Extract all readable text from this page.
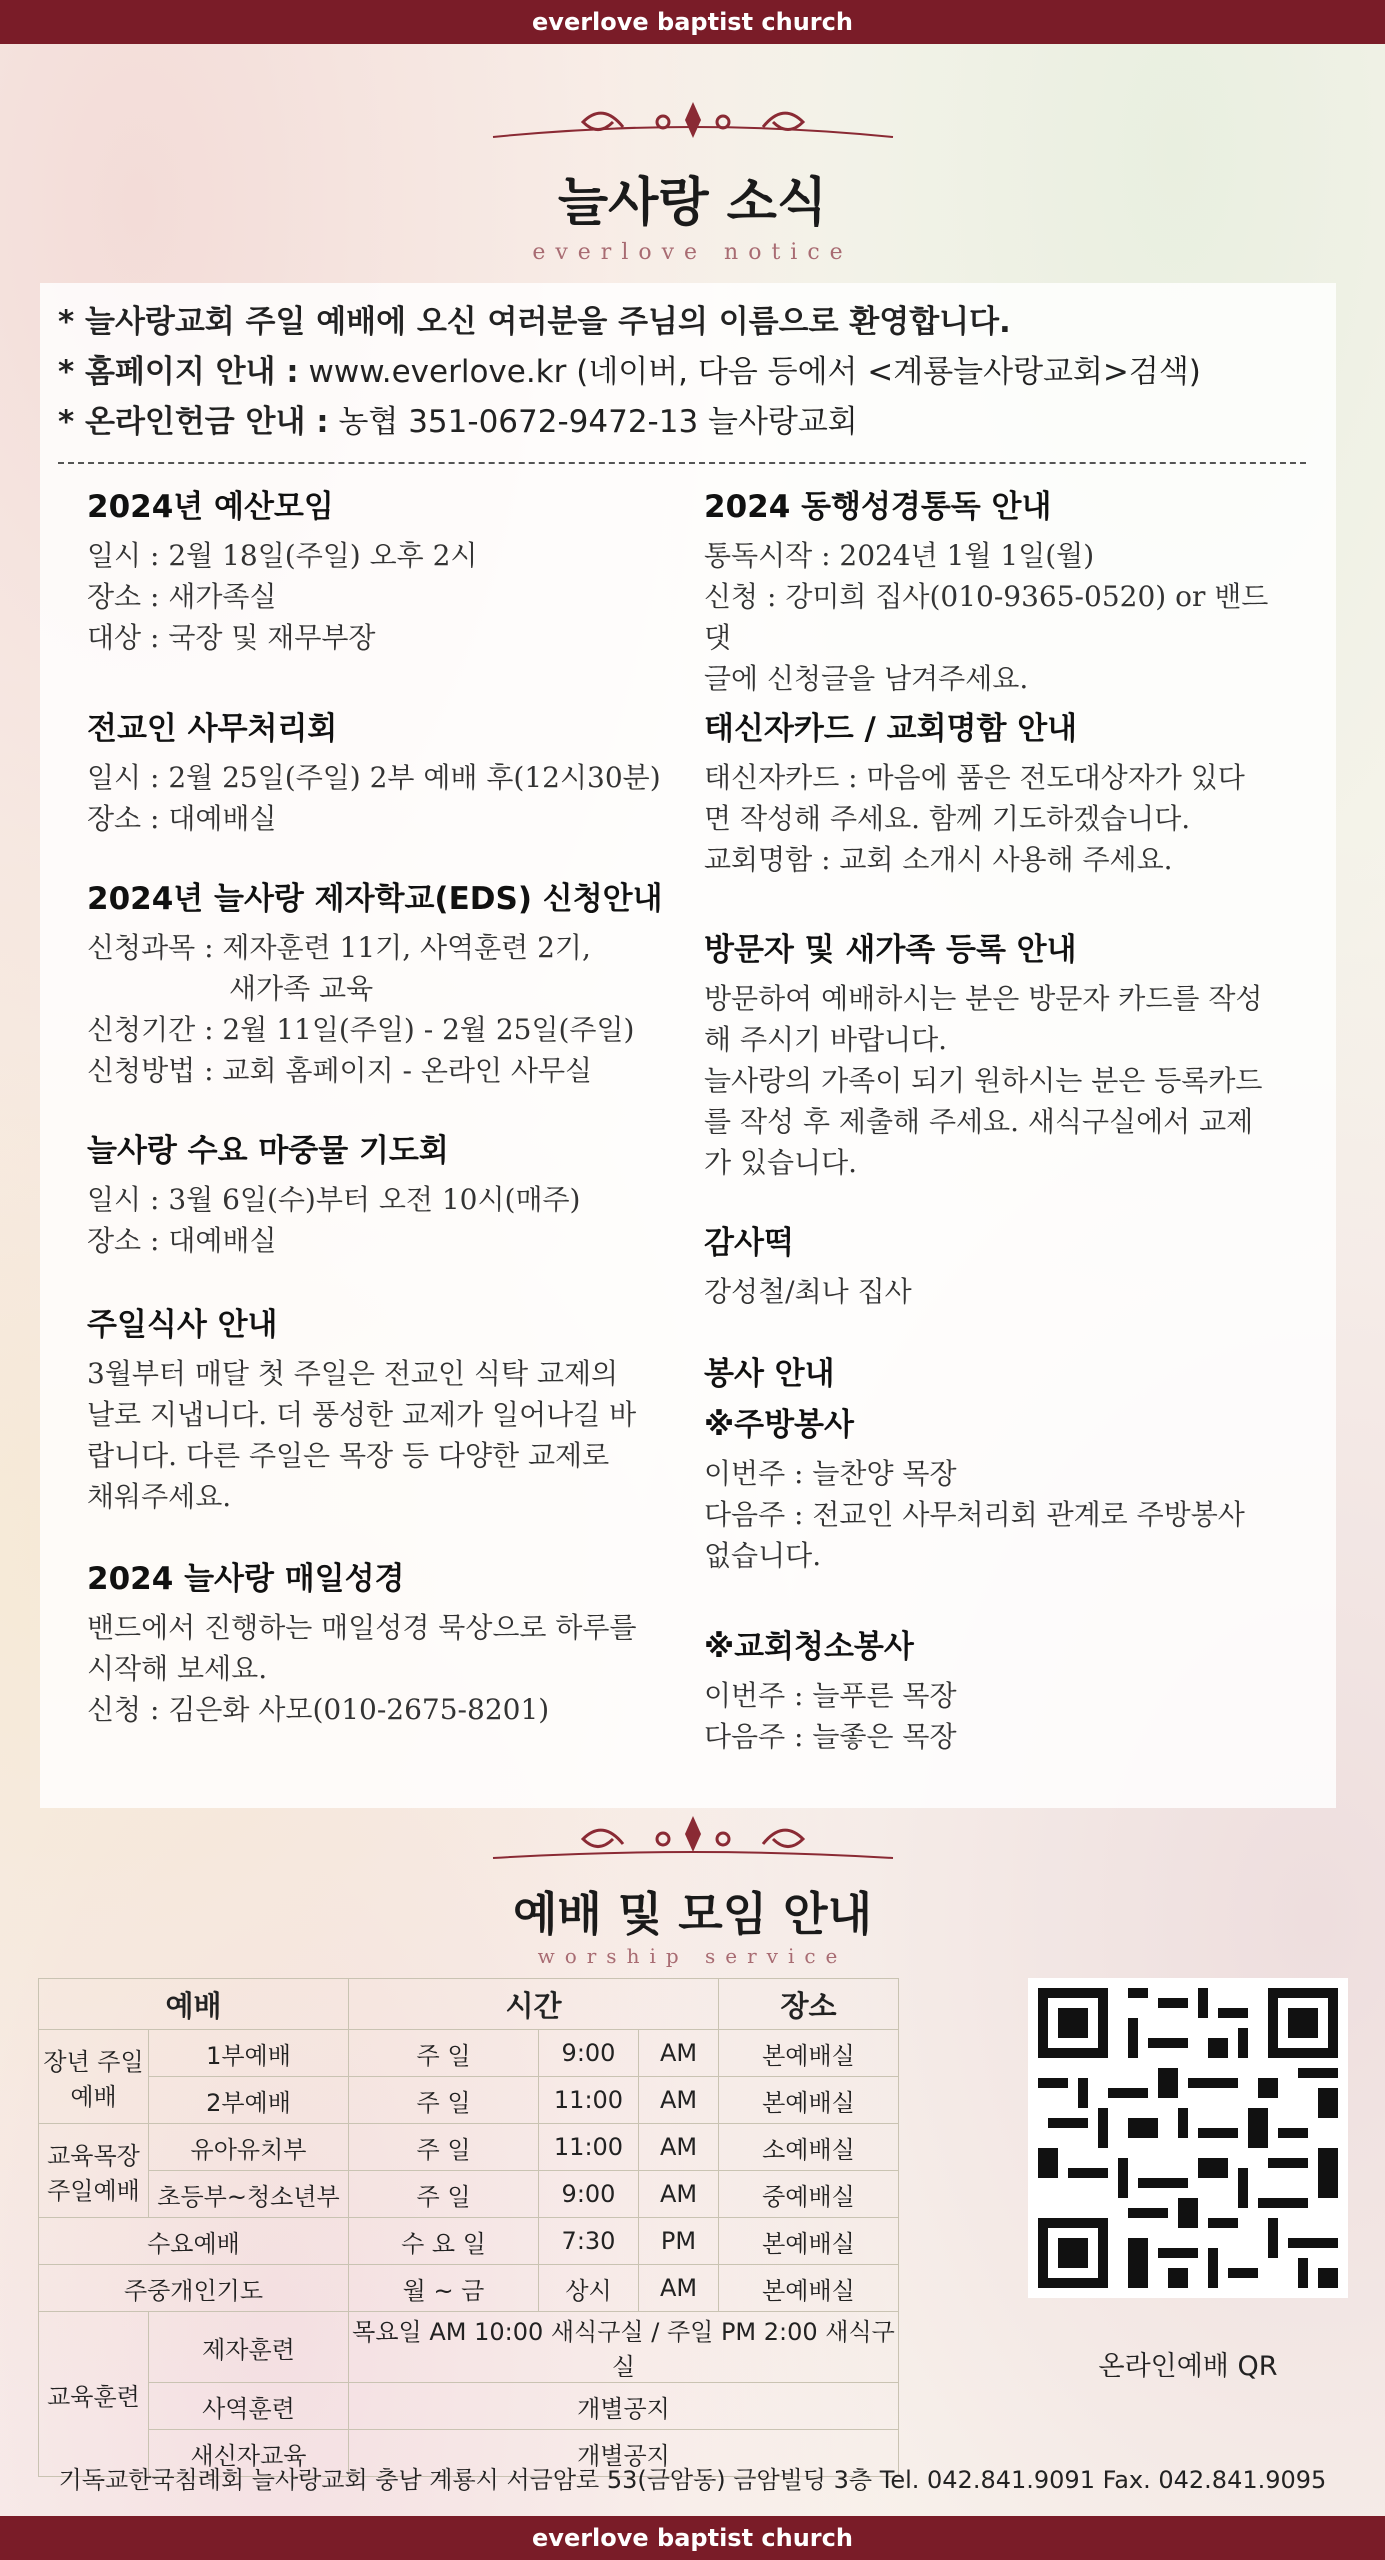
everlove baptist church
늘사랑 소식
everlove notice
* 늘사랑교회 주일 예배에 오신 여러분을 주님의 이름으로 환영합니다.
* 홈페이지 안내 : www.everlove.kr (네이버, 다음 등에서 <계룡늘사랑교회>검색)
* 온라인헌금 안내 : 농협 351-0672-9472-13 늘사랑교회
2024년 예산모임

일시 : 2월 18일(주일) 오후 2시

장소 : 새가족실

대상 : 국장 및 재무부장

전교인 사무처리회

일시 : 2월 25일(주일) 2부 예배 후(12시30분)

장소 : 대예배실

2024년 늘사랑 제자학교(EDS) 신청안내

신청과목 : 제자훈련 11기, 사역훈련 2기,

새가족 교육

신청기간 : 2월 11일(주일) - 2월 25일(주일)

신청방법 : 교회 홈페이지 - 온라인 사무실

늘사랑 수요 마중물 기도회

일시 : 3월 6일(수)부터 오전 10시(매주)

장소 : 대예배실

주일식사 안내

3월부터 매달 첫 주일은 전교인 식탁 교제의

날로 지냅니다. 더 풍성한 교제가 일어나길 바

랍니다. 다른 주일은 목장 등 다양한 교제로

채워주세요.

2024 늘사랑 매일성경

밴드에서 진행하는 매일성경 묵상으로 하루를

시작해 보세요.

신청 : 김은화 사모(010-2675-8201)

2024 동행성경통독 안내

통독시작 : 2024년 1월 1일(월)

신청 : 강미희 집사(010-9365-0520) or 밴드 댓

글에 신청글을 남겨주세요.

태신자카드 / 교회명함 안내

태신자카드 : 마음에 품은 전도대상자가 있다

면 작성해 주세요. 함께 기도하겠습니다.

교회명함 : 교회 소개시 사용해 주세요.

방문자 및 새가족 등록 안내

방문하여 예배하시는 분은 방문자 카드를 작성

해 주시기 바랍니다.

늘사랑의 가족이 되기 원하시는 분은 등록카드

를 작성 후 제출해 주세요. 새식구실에서 교제

가 있습니다.

감사떡

강성철/최나 집사

봉사 안내
※주방봉사

이번주 : 늘찬양 목장

다음주 : 전교인 사무처리회 관계로 주방봉사

없습니다.

※교회청소봉사

이번주 : 늘푸른 목장

다음주 : 늘좋은 목장

예배 및 모임 안내
worship service
예배		시간			장소
장년 주일예배	1부예배	주 일	9:00	AM	본예배실
	2부예배	주 일	11:00	AM	본예배실
교육목장 주일예배	유아유치부	주 일	11:00	AM	소예배실
	초등부~청소년부	주 일	9:00	AM	중예배실
수요예배		수 요 일	7:30	PM	본예배실
주중개인기도		월 ~ 금	상시	AM	본예배실
교육훈련	제자훈련	목요일 AM 10:00 새식구실 / 주일 PM 2:00 새식구실			
	사역훈련	개별공지			
	새신자교육	개별공지			
온라인예배 QR
기독교한국침례회 늘사랑교회 충남 계룡시 서금암로 53(금암동) 금암빌딩 3층 Tel. 042.841.9091 Fax. 042.841.9095
everlove baptist church
